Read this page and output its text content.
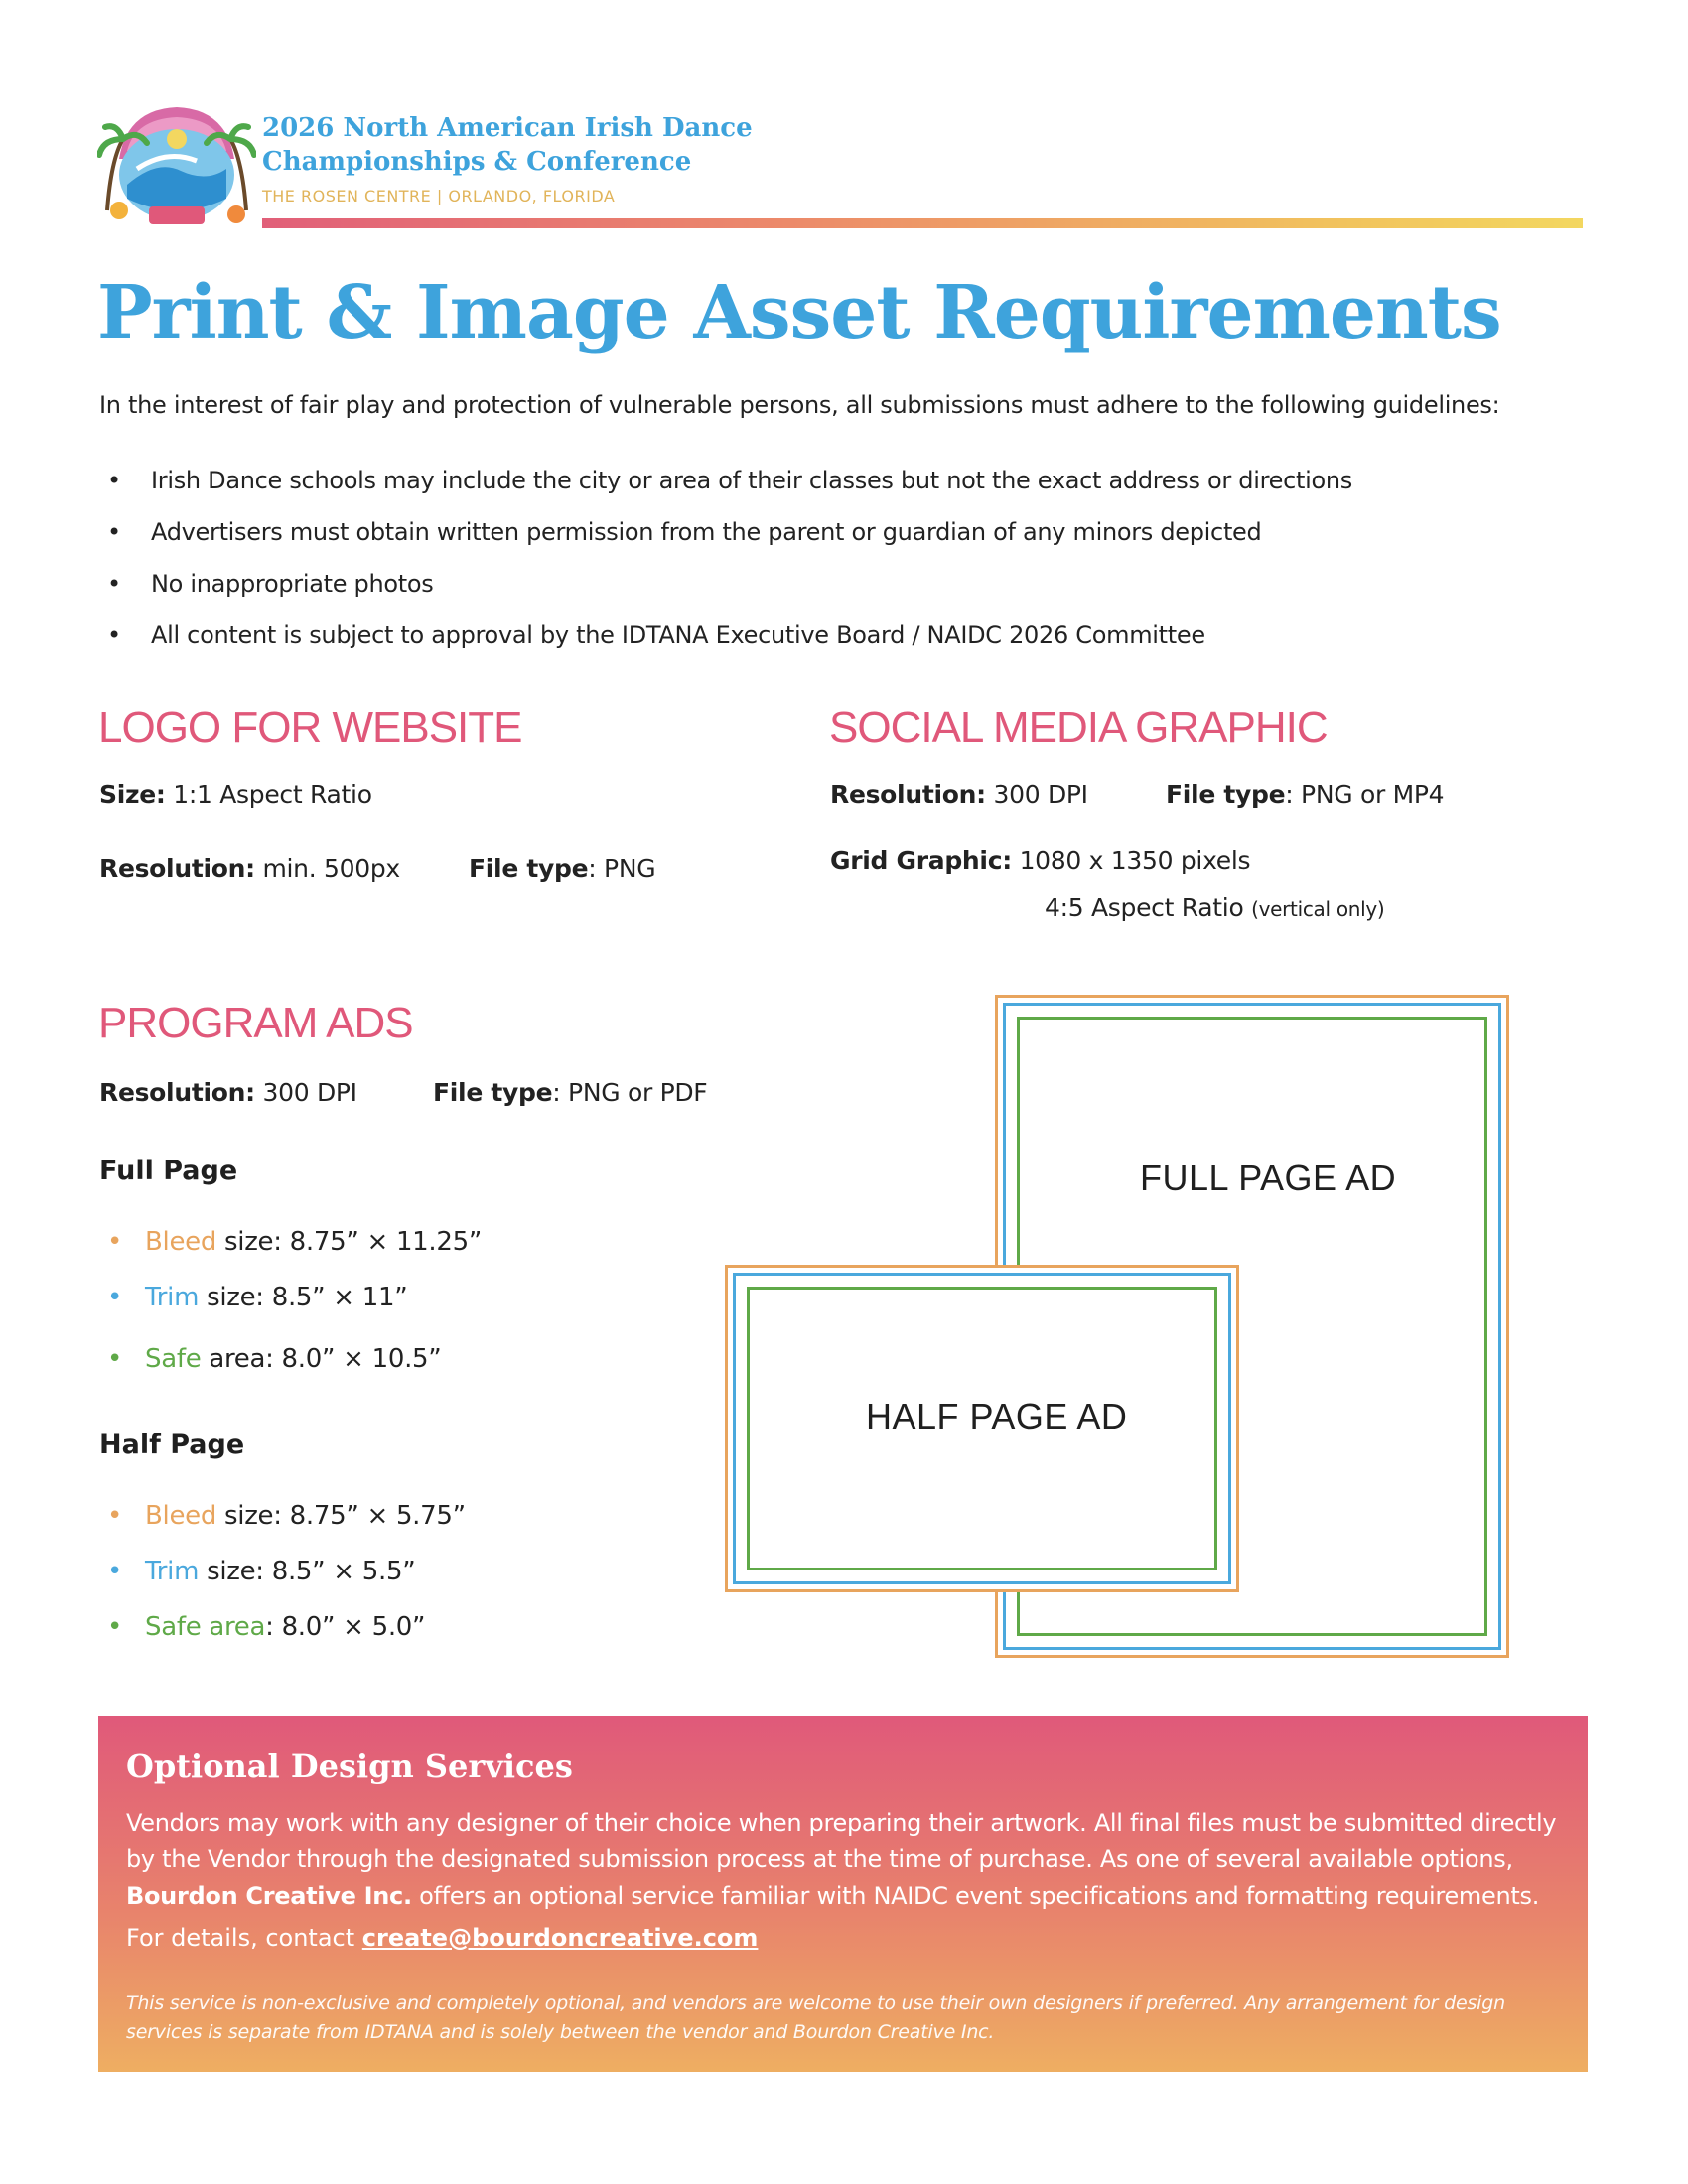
2026 North American Irish Dance
Championships & Conference
THE ROSEN CENTRE | ORLANDO, FLORIDA
Print & Image Asset Requirements
In the interest of fair play and protection of vulnerable persons, all submissions must adhere to the following guidelines:
• Irish Dance schools may include the city or area of their classes but not the exact address or directions
• Advertisers must obtain written permission from the parent or guardian of any minors depicted
• No inappropriate photos
• All content is subject to approval by the IDTANA Executive Board / NAIDC 2026 Committee
LOGO FOR WEBSITE
Size: 1:1 Aspect Ratio
Resolution: min. 500px	File type: PNG
SOCIAL MEDIA GRAPHIC
Resolution: 300 DPI	File type: PNG or MP4
Grid Graphic: 1080 x 1350 pixels
4:5 Aspect Ratio (vertical only)
PROGRAM ADS
Resolution: 300 DPI	File type: PNG or PDF
Full Page
• Bleed size: 8.75” × 11.25”
• Trim size: 8.5” × 11”
• Safe area: 8.0” × 10.5”
Half Page
• Bleed size: 8.75” × 5.75”
• Trim size: 8.5” × 5.5”
• Safe area: 8.0” × 5.0”
FULL PAGE AD
HALF PAGE AD
Optional Design Services
Vendors may work with any designer of their choice when preparing their artwork. All final files must be submitted directly by the Vendor through the designated submission process at the time of purchase. As one of several available options, Bourdon Creative Inc. offers an optional service familiar with NAIDC event specifications and formatting requirements.
For details, contact create@bourdoncreative.com
This service is non-exclusive and completely optional, and vendors are welcome to use their own designers if preferred. Any arrangement for design services is separate from IDTANA and is solely between the vendor and Bourdon Creative Inc.
